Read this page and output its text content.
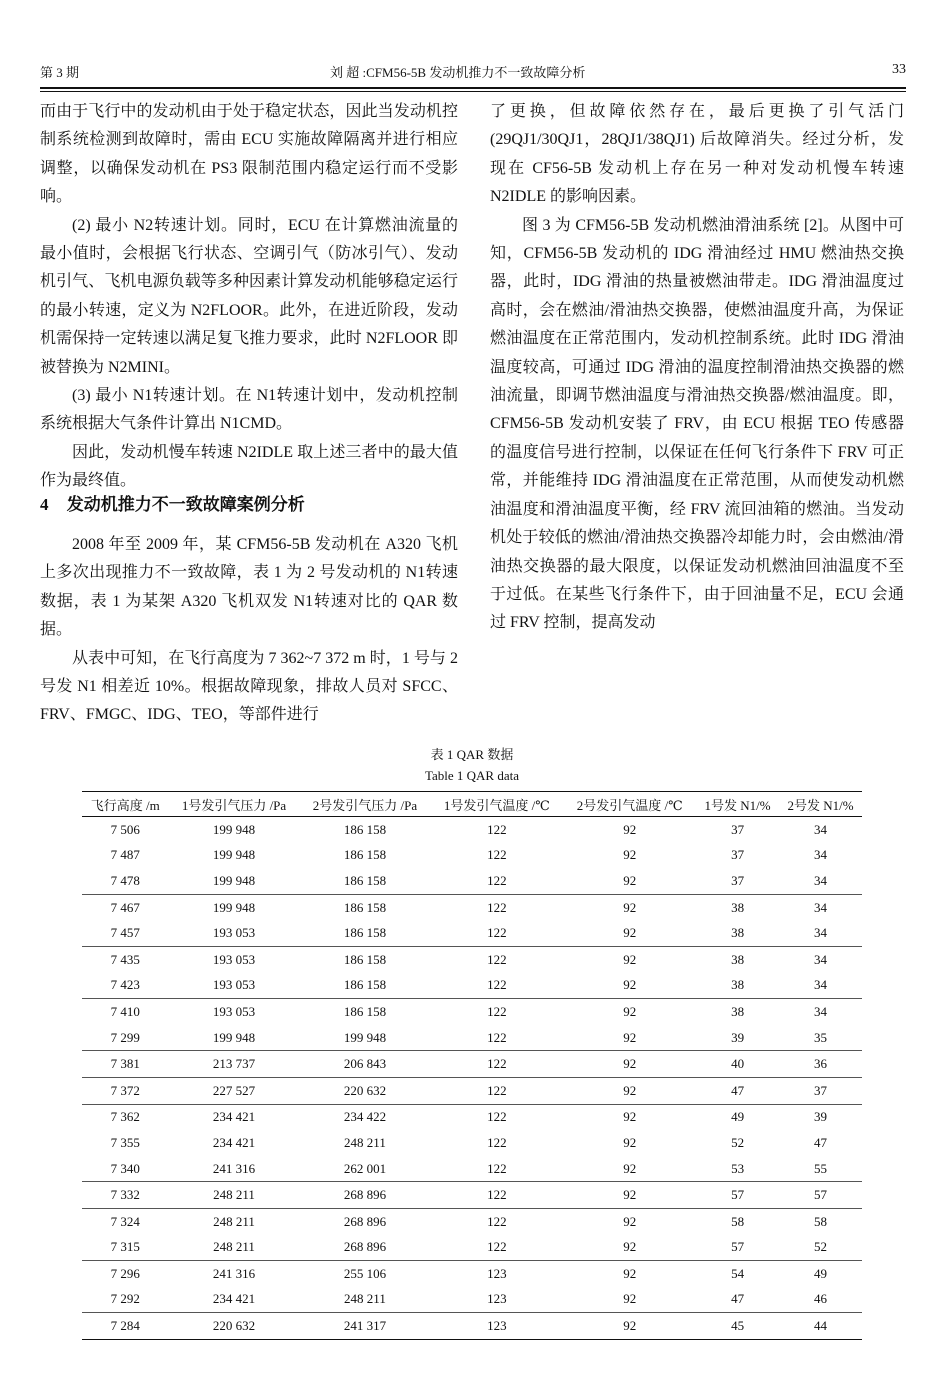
第 3 期	刘 超 :CFM56-5B 发动机推力不一致故障分析	33

而由于飞行中的发动机由于处于稳定状态，因此当发动机控制系统检测到故障时，需由 ECU 实施故障隔离并进行相应调整，以确保发动机在 PS3 限制范围内稳定运行而不受影响。

(2) 最小 N2转速计划。同时，ECU 在计算燃油流量的最小值时，会根据飞行状态、空调引气（防冰引气）、发动机引气、飞机电源负载等多种因素计算发动机能够稳定运行的最小转速，定义为 N2FLOOR。此外，在进近阶段，发动机需保持一定转速以满足复飞推力要求，此时 N2FLOOR 即被替换为 N2MINI。

(3) 最小 N1转速计划。在 N1转速计划中，发动机控制系统根据大气条件计算出 N1CMD。

因此，发动机慢车转速 N2IDLE 取上述三者中的最大值作为最终值。

4 发动机推力不一致故障案例分析

2008 年至 2009 年，某 CFM56-5B 发动机在 A320 飞机上多次出现推力不一致故障，表 1 为 2 号发动机的 N1转速数据，表 1 为某架 A320 飞机双发 N1转速对比的 QAR 数据。

从表中可知，在飞行高度为 7 362~7 372 m 时，1 号与 2 号发 N1 相差近 10%。根据故障现象，排故人员对 SFCC、FRV、FMGC、IDG、TEO，等部件进行

了更换，但故障依然存在，最后更换了引气活门 (29QJ1/30QJ1，28QJ1/38QJ1) 后故障消失。经过分析，发现在 CF56-5B 发动机上存在另一种对发动机慢车转速 N2IDLE 的影响因素。

图 3 为 CFM56-5B 发动机燃油滑油系统 [2]。从图中可知，CFM56-5B 发动机的 IDG 滑油经过 HMU 燃油热交换器，此时，IDG 滑油的热量被燃油带走。IDG 滑油温度过高时，会在燃油/滑油热交换器，使燃油温度升高，为保证燃油温度在正常范围内，发动机控制系统。此时 IDG 滑油温度较高，可通过 IDG 滑油的温度控制滑油热交换器的燃油流量，即调节燃油温度与滑油热交换器/燃油温度。即，CFM56-5B 发动机安装了 FRV，由 ECU 根据 TEO 传感器的温度信号进行控制，以保证在任何飞行条件下 FRV 可正常，并能维持 IDG 滑油温度在正常范围，从而使发动机燃油温度和滑油温度平衡，经 FRV 流回油箱的燃油。当发动机处于较低的燃油/滑油热交换器冷却能力时，会由燃油/滑油热交换器的最大限度，以保证发动机燃油回油温度不至于过低。在某些飞行条件下，由于回油量不足，ECU 会通过 FRV 控制，提高发动

表 1 QAR 数据
Table 1 QAR data
飞行高度 /m	1号发引气压力 /Pa	2号发引气压力 /Pa	1号发引气温度 /℃	2号发引气温度 /℃	1号发 N1/%	2号发 N1/%
7 506	199 948	186 158	122	92	37	34
7 487	199 948	186 158	122	92	37	34
7 478	199 948	186 158	122	92	37	34
7 467	199 948	186 158	122	92	38	34
7 457	193 053	186 158	122	92	38	34
7 435	193 053	186 158	122	92	38	34
7 423	193 053	186 158	122	92	38	34
7 410	193 053	186 158	122	92	38	34
7 299	199 948	199 948	122	92	39	35
7 381	213 737	206 843	122	92	40	36
7 372	227 527	220 632	122	92	47	37
7 362	234 421	234 422	122	92	49	39
7 355	234 421	248 211	122	92	52	47
7 340	241 316	262 001	122	92	53	55
7 332	248 211	268 896	122	92	57	57
7 324	248 211	268 896	122	92	58	58
7 315	248 211	268 896	122	92	57	52
7 296	241 316	255 106	123	92	54	49
7 292	234 421	248 211	123	92	47	46
7 284	220 632	241 317	123	92	45	44
